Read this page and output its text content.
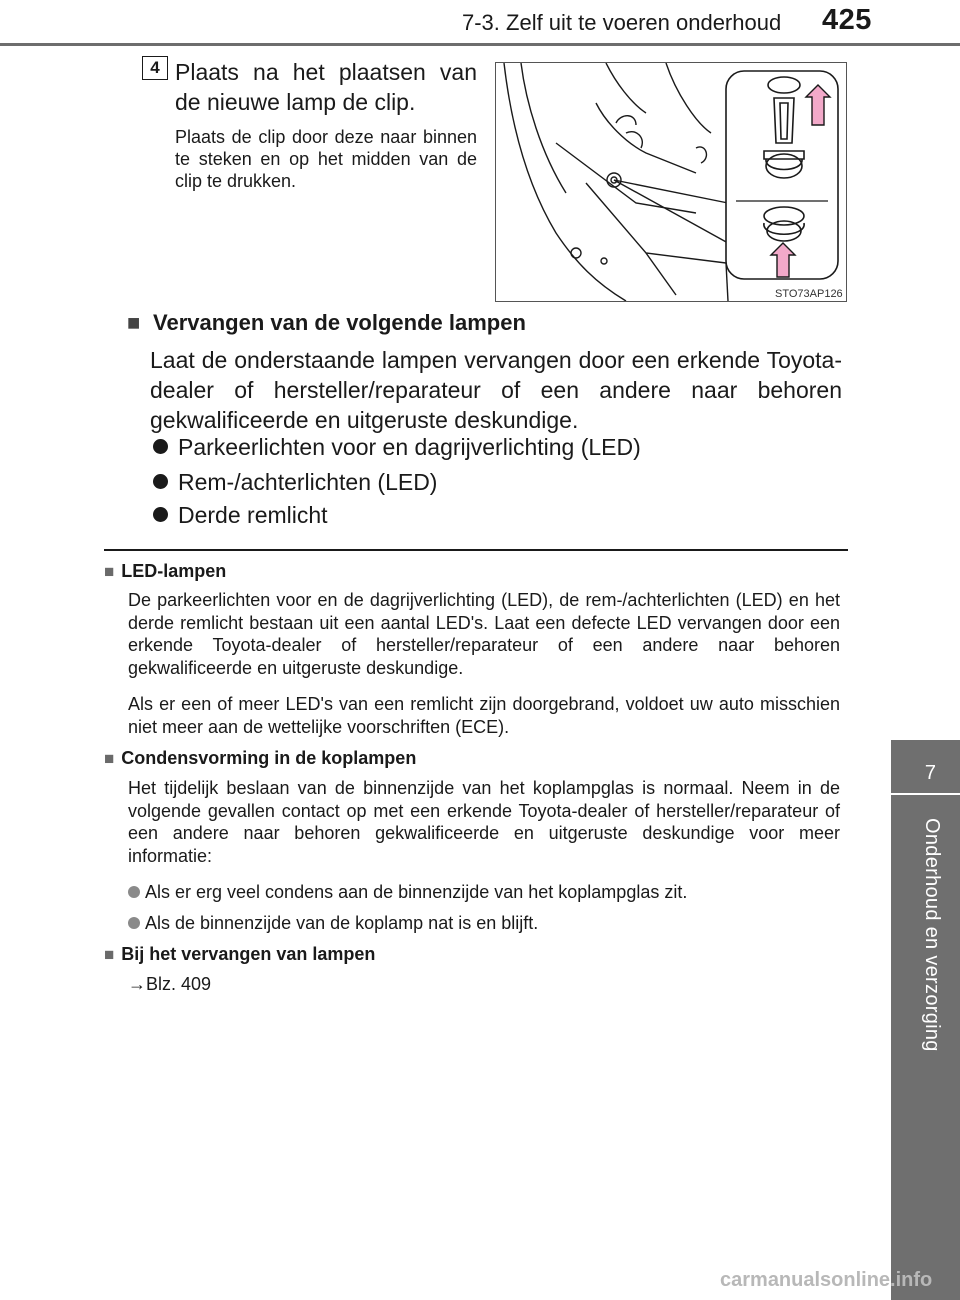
7-3. Zelf uit te voeren onderhoud 425
7
Onderhoud en verzorging
4 Plaats na het plaatsen van de nieuwe lamp de clip.
Plaats de clip door deze naar binnen te steken en op het midden van de clip te drukken.
STO73AP126
■ Vervangen van de volgende lampen
Laat de onderstaande lampen vervangen door een erkende Toyota-dealer of hersteller/reparateur of een andere naar behoren gekwalificeerde en uitgeruste deskundige.
Parkeerlichten voor en dagrijverlichting (LED)
Rem-/achterlichten (LED)
Derde remlicht
■ LED-lampen
De parkeerlichten voor en de dagrijverlichting (LED), de rem-/achterlichten (LED) en het derde remlicht bestaan uit een aantal LED's. Laat een defecte LED vervangen door een erkende Toyota-dealer of hersteller/reparateur of een andere naar behoren gekwalificeerde en uitgeruste deskundige.
Als er een of meer LED's van een remlicht zijn doorgebrand, voldoet uw auto misschien niet meer aan de wettelijke voorschriften (ECE).
■ Condensvorming in de koplampen
Het tijdelijk beslaan van de binnenzijde van het koplampglas is normaal. Neem in de volgende gevallen contact op met een erkende Toyota-dealer of hersteller/reparateur of een andere naar behoren gekwalificeerde en uitgeruste deskundige voor meer informatie:
Als er erg veel condens aan de binnenzijde van het koplampglas zit.
Als de binnenzijde van de koplamp nat is en blijft.
■ Bij het vervangen van lampen
→Blz. 409
carmanualsonline.info
